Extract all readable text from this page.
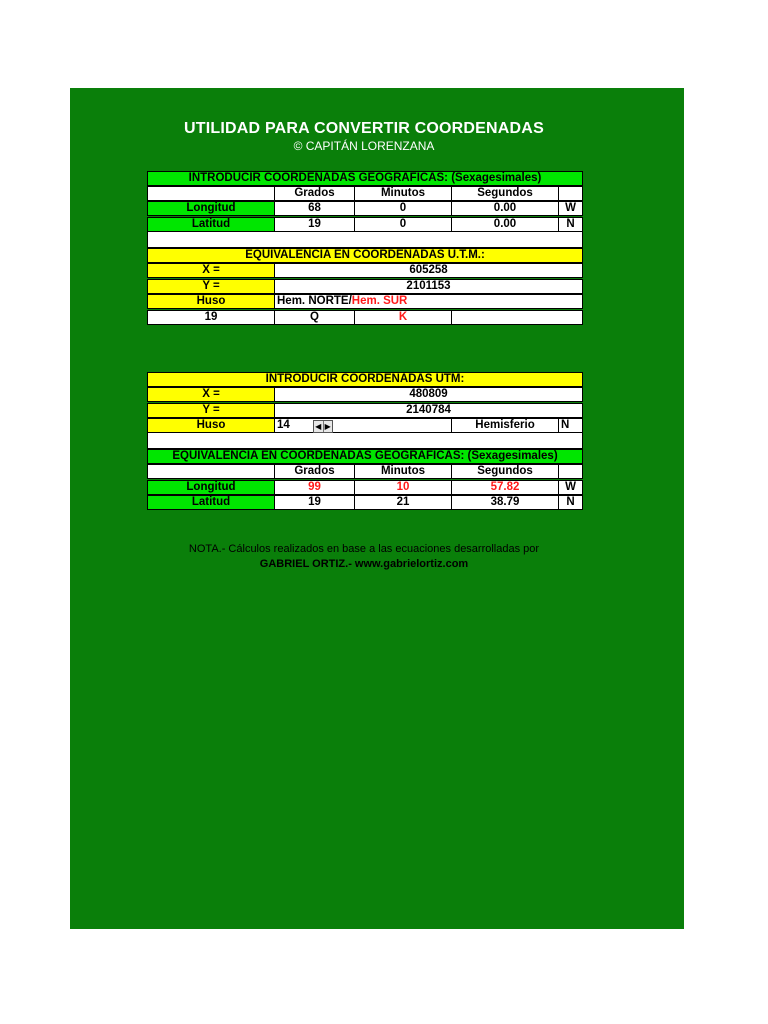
UTILIDAD PARA CONVERTIR COORDENADAS
© CAPITÁN LORENZANA
INTRODUCIR COORDENADAS GEOGRÁFICAS: (Sexagesimales)
Grados	Minutos	Segundos
Longitud	68	0	0.00	W
Latitud	19	0	0.00	N
EQUIVALENCIA EN COORDENADAS U.T.M.:
X =	605258
Y =	2101153
Huso	Hem. NORTE/Hem. SUR
19	Q	K
INTRODUCIR COORDENADAS UTM:
X =	480809
Y =	2140784
Huso	14	Hemisferio	N
◀ ▶
EQUIVALENCIA EN COORDENADAS GEOGRÁFICAS: (Sexagesimales)
Grados	Minutos	Segundos
Longitud	99	10	57.82	W
Latitud	19	21	38.79	N
NOTA.- Cálculos realizados en base a las ecuaciones desarrolladas por
GABRIEL ORTIZ.- www.gabrielortiz.com
